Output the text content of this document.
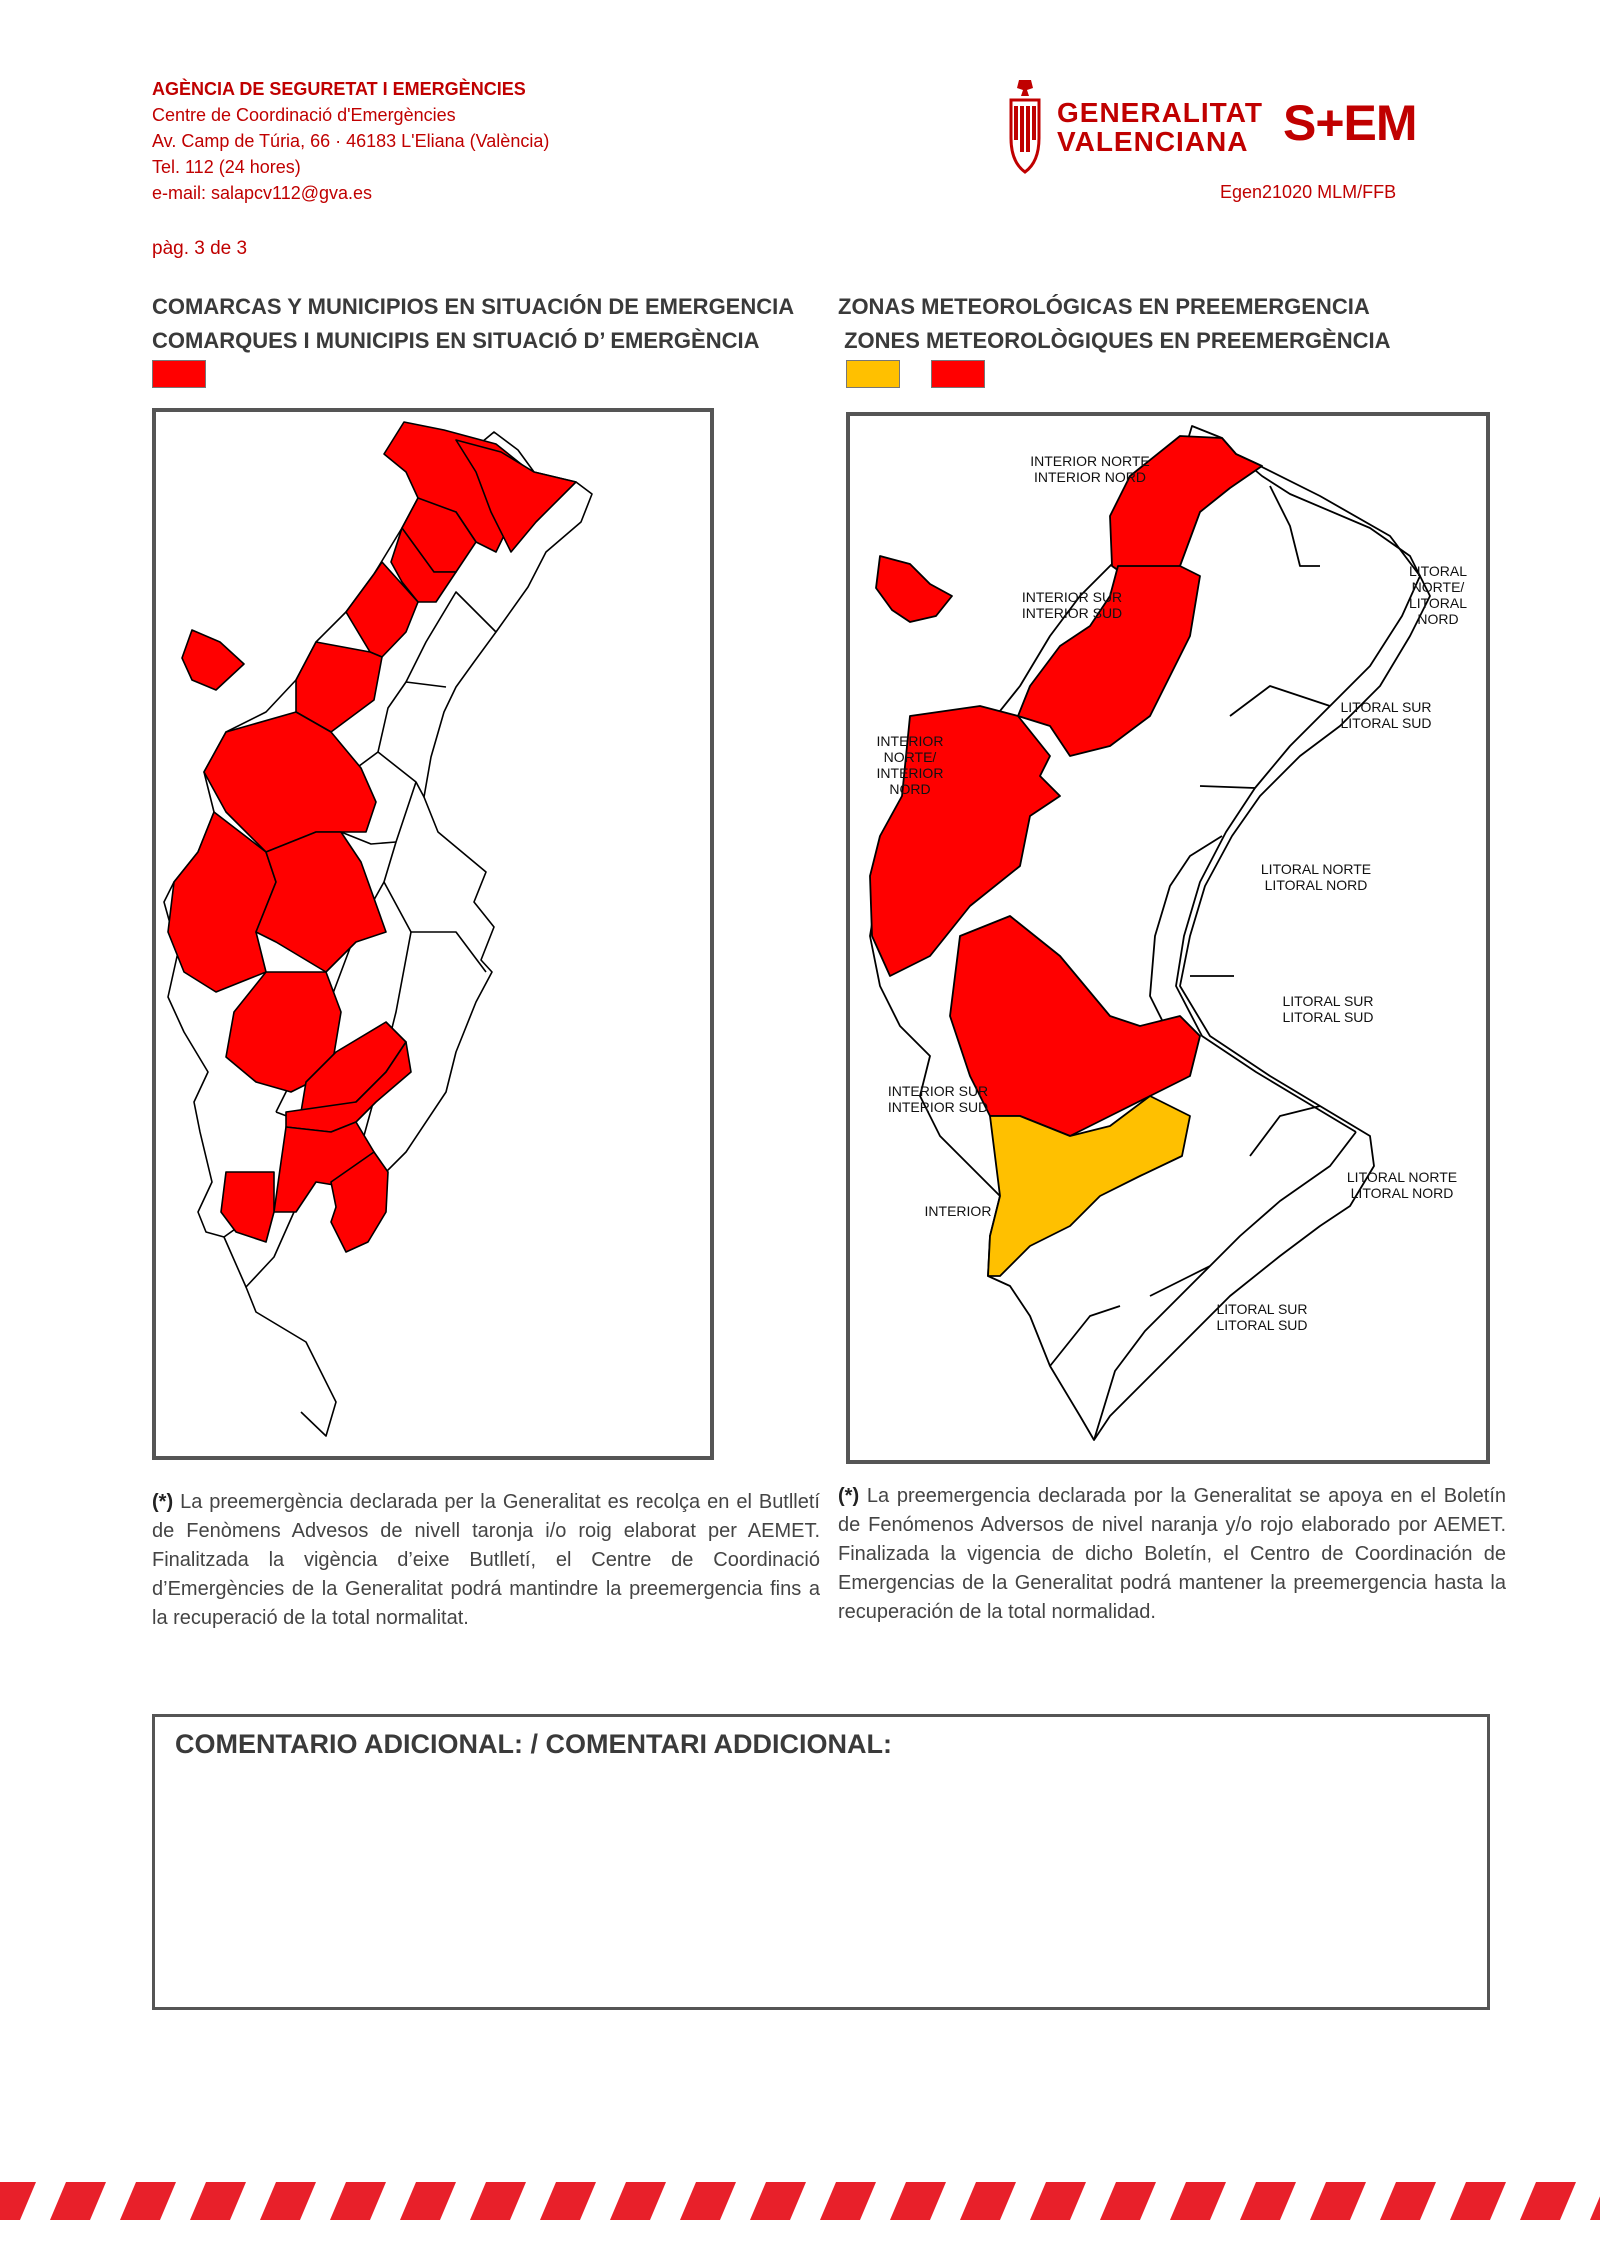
AGÈNCIA DE SEGURETAT I EMERGÈNCIES
Centre de Coordinació d'Emergències
Av. Camp de Túria, 66 · 46183 L'Eliana (València)
Tel. 112 (24 hores)
e-mail: salapcv112@gva.es
pàg. 3 de 3
GENERALITAT
VALENCIANA S+EM
Egen21020 MLM/FFB
COMARCAS Y MUNICIPIOS EN SITUACIÓN DE EMERGENCIA
COMARQUES I MUNICIPIS EN SITUACIÓ D’ EMERGÈNCIA
ZONAS METEOROLÓGICAS EN PREEMERGENCIA
ZONES METEOROLÒGIQUES EN PREEMERGÈNCIA
INTERIOR NORTE INTERIOR NORD
LITORAL NORTE/ LITORAL NORD
INTERIOR SUR INTERIOR SUD
LITORAL SUR LITORAL SUD
INTERIOR NORTE/ INTERIOR NORD
LITORAL NORTE LITORAL NORD
LITORAL SUR LITORAL SUD
INTERIOR SUR INTERIOR SUD
LITORAL NORTE LITORAL NORD
INTERIOR
LITORAL SUR LITORAL SUD
(*) La preemergència declarada per la Generalitat es recolça en el Butlletí de Fenòmens Advesos de nivell taronja i/o roig elaborat per AEMET. Finalitzada la vigència d’eixe Butlletí, el Centre de Coordinació d’Emergències de la Generalitat podrá mantindre la preemergencia fins a la recuperació de la total normalitat.
(*) La preemergencia declarada por la Generalitat se apoya en el Boletín de Fenómenos Adversos de nivel naranja y/o rojo elaborado por AEMET. Finalizada la vigencia de dicho Boletín, el Centro de Coordinación de Emergencias de la Generalitat podrá mantener la preemergencia hasta la recuperación de la total normalidad.
COMENTARIO ADICIONAL: / COMENTARI ADDICIONAL:
